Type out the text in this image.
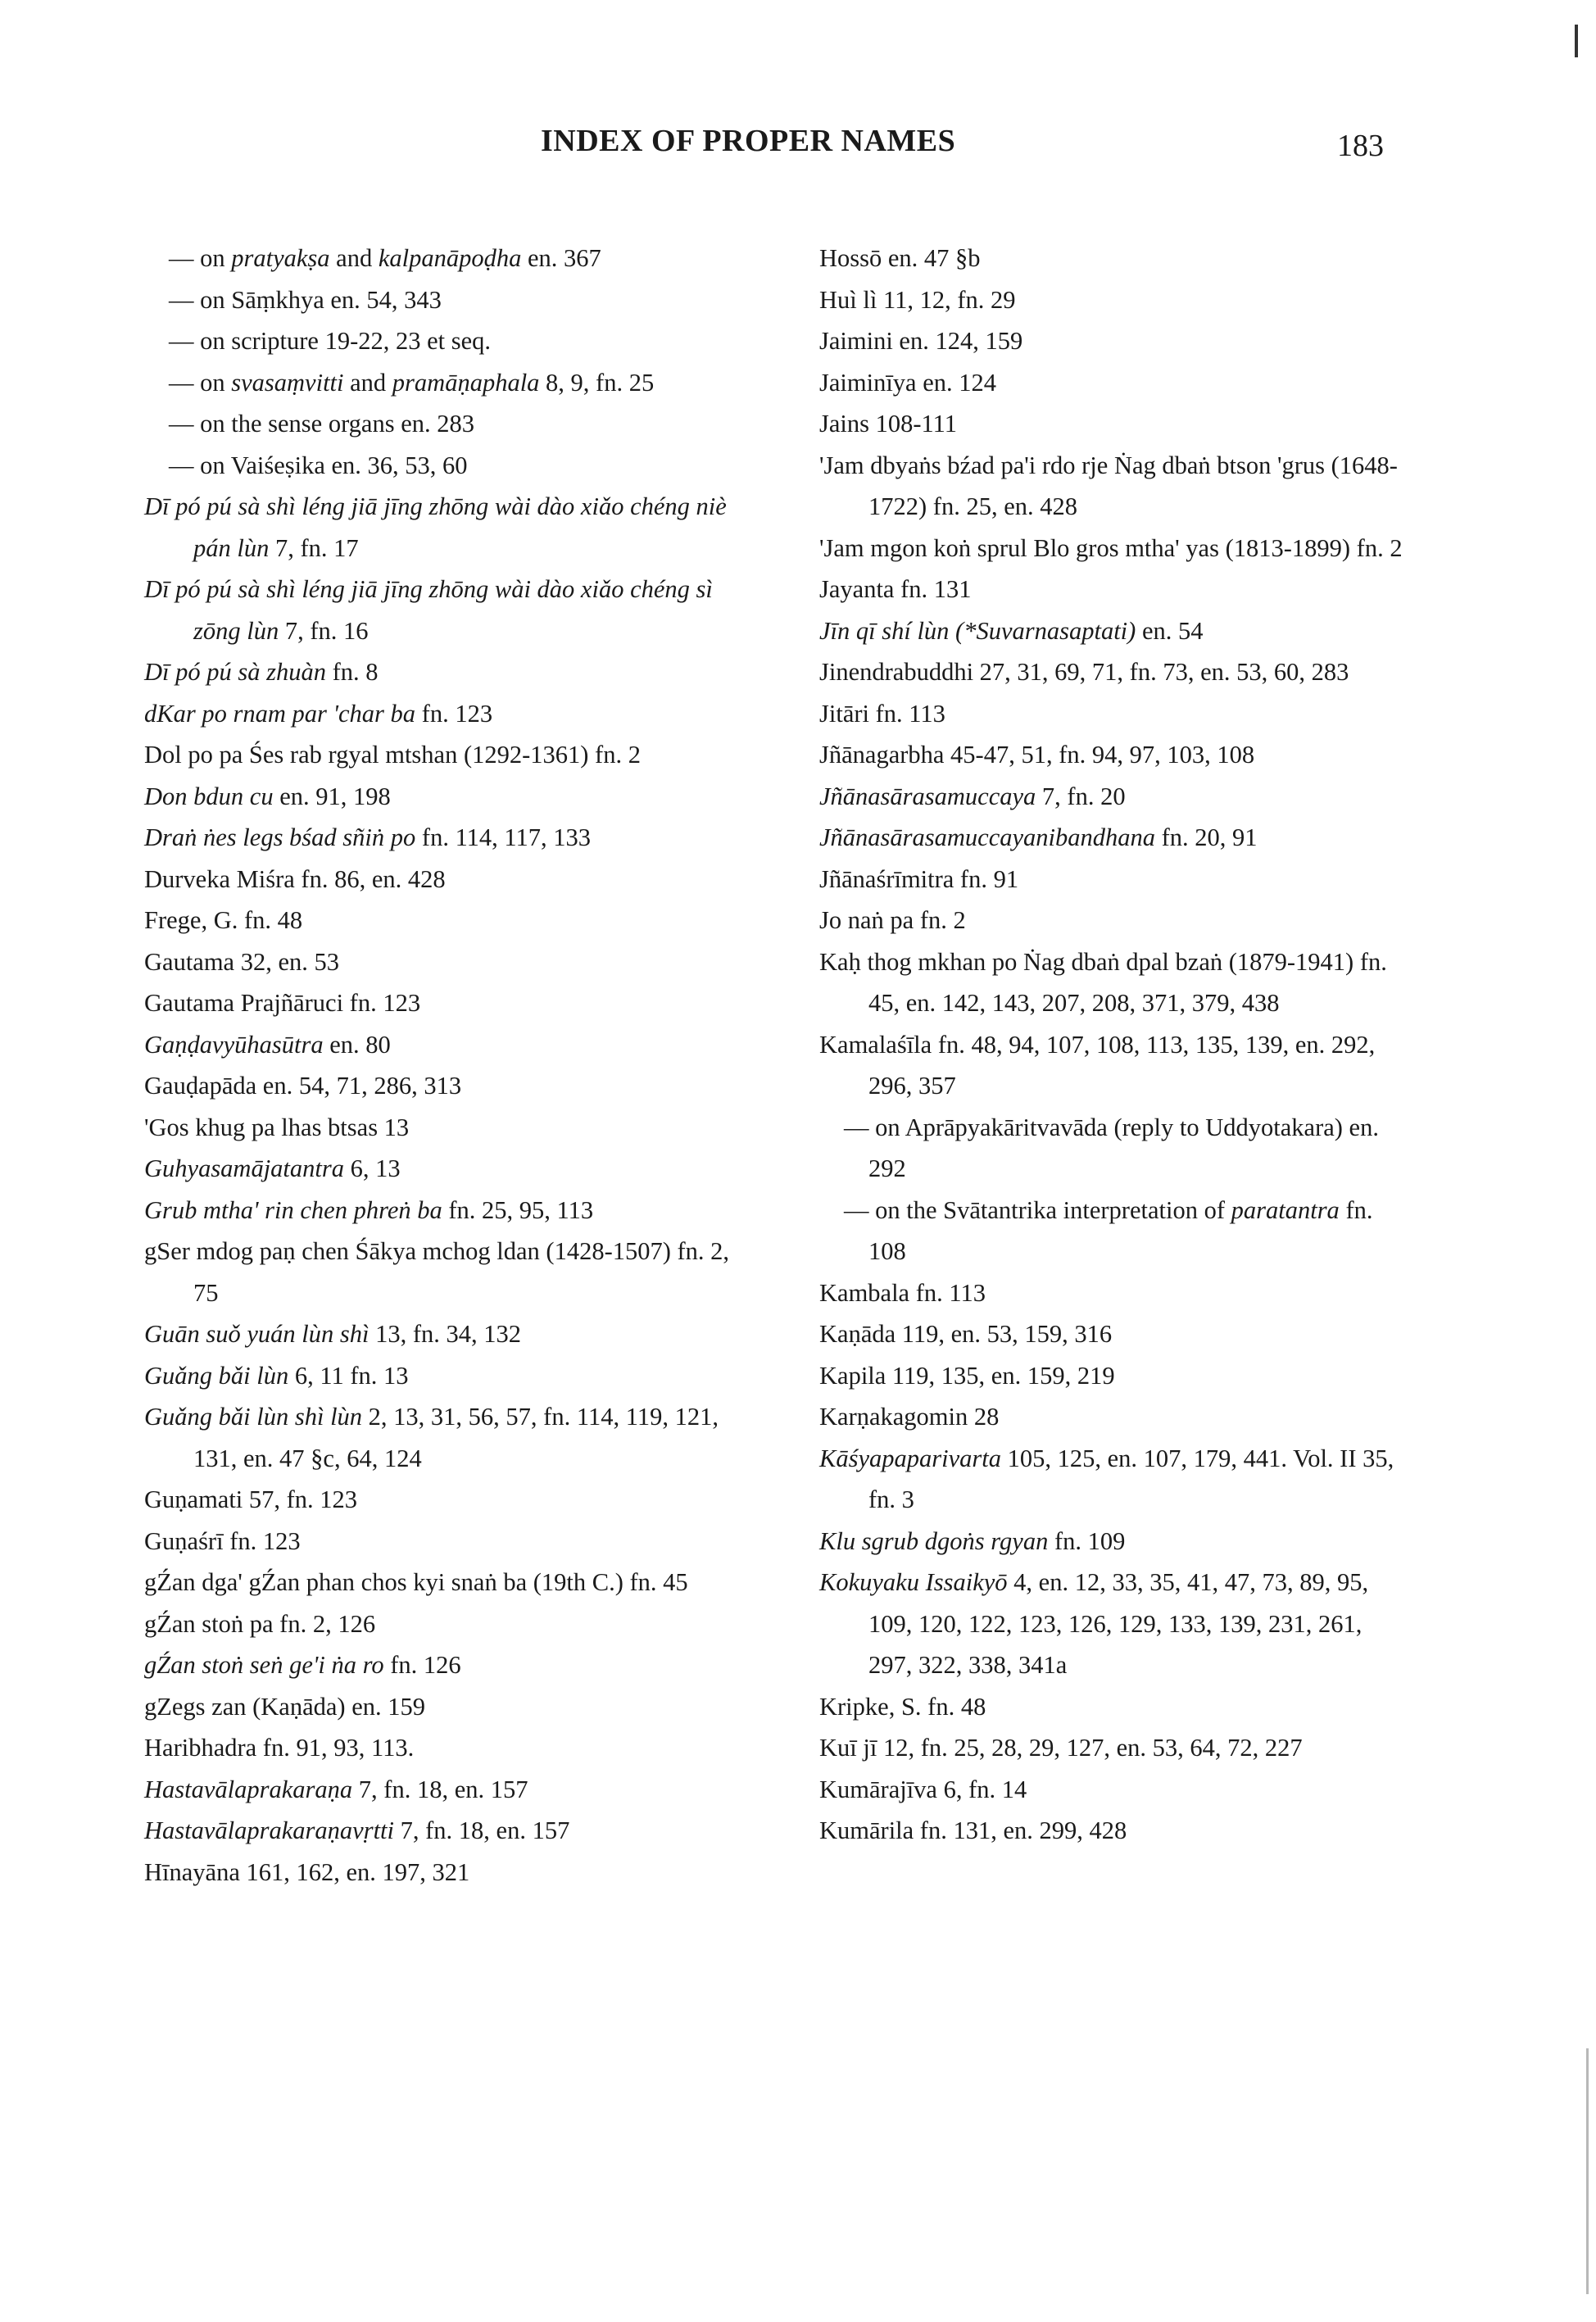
INDEX OF PROPER NAMES	183

— on pratyakṣa and kalpanāpoḍha en. 367

— on Sāṃkhya en. 54, 343

— on scripture 19-22, 23 et seq.

— on svasaṃvitti and pramāṇaphala 8, 9, fn. 25

— on the sense organs en. 283

— on Vaiśeṣika en. 36, 53, 60

Dī pó pú sà shì léng jiā jīng zhōng wài dào xiǎo chéng niè pán lùn 7, fn. 17

Dī pó pú sà shì léng jiā jīng zhōng wài dào xiǎo chéng sì zōng lùn 7, fn. 16

Dī pó pú sà zhuàn fn. 8

dKar po rnam par 'char ba fn. 123

Dol po pa Śes rab rgyal mtshan (1292-1361) fn. 2

Don bdun cu en. 91, 198

Draṅ ṅes legs bśad sñiṅ po fn. 114, 117, 133

Durveka Miśra fn. 86, en. 428

Frege, G. fn. 48

Gautama 32, en. 53

Gautama Prajñāruci fn. 123

Gaṇḍavyūhasūtra en. 80

Gauḍapāda en. 54, 71, 286, 313

'Gos khug pa lhas btsas 13

Guhyasamājatantra 6, 13

Grub mtha' rin chen phreṅ ba fn. 25, 95, 113

gSer mdog paṇ chen Śākya mchog ldan (1428-1507) fn. 2, 75

Guān suǒ yuán lùn shì 13, fn. 34, 132

Guǎng bǎi lùn 6, 11 fn. 13

Guǎng bǎi lùn shì lùn 2, 13, 31, 56, 57, fn. 114, 119, 121, 131, en. 47 §c, 64, 124

Guṇamati 57, fn. 123

Guṇaśrī fn. 123

gŹan dga' gŹan phan chos kyi snaṅ ba (19th C.) fn. 45

gŹan stoṅ pa fn. 2, 126

gŹan stoṅ seṅ ge'i ṅa ro fn. 126

gZegs zan (Kaṇāda) en. 159

Haribhadra fn. 91, 93, 113.

Hastavālaprakaraṇa 7, fn. 18, en. 157

Hastavālaprakaraṇavṛtti 7, fn. 18, en. 157

Hīnayāna 161, 162, en. 197, 321

Hossō en. 47 §b

Huì lì 11, 12, fn. 29

Jaimini en. 124, 159

Jaiminīya en. 124

Jains 108-111

'Jam dbyaṅs bźad pa'i rdo rje Ṅag dbaṅ btson 'grus (1648-1722) fn. 25, en. 428

'Jam mgon koṅ sprul Blo gros mtha' yas (1813-1899) fn. 2

Jayanta fn. 131

Jīn qī shí lùn (*Suvarnasaptati) en. 54

Jinendrabuddhi 27, 31, 69, 71, fn. 73, en. 53, 60, 283

Jitāri fn. 113

Jñānagarbha 45-47, 51, fn. 94, 97, 103, 108

Jñānasārasamuccaya 7, fn. 20

Jñānasārasamuccayanibandhana fn. 20, 91

Jñānaśrīmitra fn. 91

Jo naṅ pa fn. 2

Kaḥ thog mkhan po Ṅag dbaṅ dpal bzaṅ (1879-1941) fn. 45, en. 142, 143, 207, 208, 371, 379, 438

Kamalaśīla fn. 48, 94, 107, 108, 113, 135, 139, en. 292, 296, 357

— on Aprāpyakāritvavāda (reply to Uddyotakara) en. 292

— on the Svātantrika interpretation of paratantra fn. 108

Kambala fn. 113

Kaṇāda 119, en. 53, 159, 316

Kapila 119, 135, en. 159, 219

Karṇakagomin 28

Kāśyapaparivarta 105, 125, en. 107, 179, 441. Vol. II 35, fn. 3

Klu sgrub dgoṅs rgyan fn. 109

Kokuyaku Issaikyō 4, en. 12, 33, 35, 41, 47, 73, 89, 95, 109, 120, 122, 123, 126, 129, 133, 139, 231, 261, 297, 322, 338, 341a

Kripke, S. fn. 48

Kuī jī 12, fn. 25, 28, 29, 127, en. 53, 64, 72, 227

Kumārajīva 6, fn. 14

Kumārila fn. 131, en. 299, 428
